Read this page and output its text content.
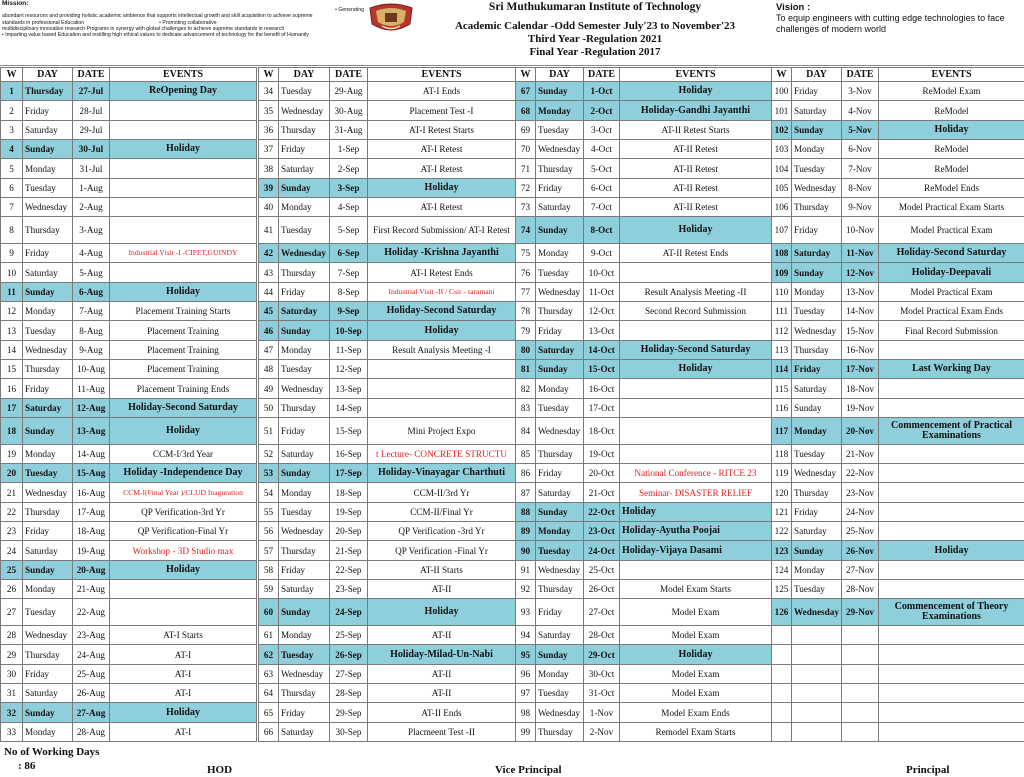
Mission:
• Generating
abundant resources and providing holistic academic ambience that supports intellectual growth and skill acquisition to achieve supreme
standards in professional Education                                                    • Promoting collaborative
multidisciplinary innovative research Programs in synergy with global challenges to achieve supreme standards in research
• Imparting value based Education and instilling high ethical values to dedicate advancement of technology for the benefit of Humanity
Sri Muthukumaran Institute of Technology
Academic Calendar -Odd Semester July'23 to November'23
Third Year -Regulation 2021
Final Year -Regulation 2017
Vision :
To equip engineers with cutting edge technologies to face challenges of modern world
W	DAY	DATE	EVENTS
1	Thursday	27-Jul	ReOpening Day
2	Friday	28-Jul	
3	Saturday	29-Jul	
4	Sunday	30-Jul	Holiday
5	Monday	31-Jul	
6	Tuesday	1-Aug	
7	Wednesday	2-Aug	
8	Thursday	3-Aug	
9	Friday	4-Aug	Industrial Visit -I -CIPET,GUINDY
10	Saturday	5-Aug	
11	Sunday	6-Aug	Holiday
12	Monday	7-Aug	Placement Training Starts
13	Tuesday	8-Aug	Placement Training
14	Wednesday	9-Aug	Placement Training
15	Thursday	10-Aug	Placement Training
16	Friday	11-Aug	Placement Training Ends
17	Saturday	12-Aug	Holiday-Second Saturday
18	Sunday	13-Aug	Holiday
19	Monday	14-Aug	CCM-I/3rd Year
20	Tuesday	15-Aug	Holiday -Independence Day
21	Wednesday	16-Aug	CCM-I(Final Year )/CLUD Inaguration
22	Thursday	17-Aug	QP Verification-3rd Yr
23	Friday	18-Aug	QP Verification-Final Yr
24	Saturday	19-Aug	Workshop - 3D Studio max
25	Sunday	20-Aug	Holiday
26	Monday	21-Aug	
27	Tuesday	22-Aug	
28	Wednesday	23-Aug	AT-I Starts
29	Thursday	24-Aug	AT-I
30	Friday	25-Aug	AT-I
31	Saturday	26-Aug	AT-I
32	Sunday	27-Aug	Holiday
33	Monday	28-Aug	AT-I
W	DAY	DATE	EVENTS
34	Tuesday	29-Aug	AT-I Ends
35	Wednesday	30-Aug	Placement Test -I
36	Thursday	31-Aug	AT-I Retest Starts
37	Friday	1-Sep	AT-I Retest
38	Saturday	2-Sep	AT-I Retest
39	Sunday	3-Sep	Holiday
40	Monday	4-Sep	AT-I Retest
41	Tuesday	5-Sep	First Record Submission/ AT-I Retest
42	Wednesday	6-Sep	Holiday -Krishna Jayanthi
43	Thursday	7-Sep	AT-I Retest Ends
44	Friday	8-Sep	Industrial Visit -II / Csir - taramani
45	Saturday	9-Sep	Holiday-Second Saturday
46	Sunday	10-Sep	Holiday
47	Monday	11-Sep	Result Analysis Meeting -I
48	Tuesday	12-Sep	
49	Wednesday	13-Sep	
50	Thursday	14-Sep	
51	Friday	15-Sep	Mini Project Expo
52	Saturday	16-Sep	t Lecture- CONCRETE STRUCTU
53	Sunday	17-Sep	Holiday-Vinayagar Charthuti
54	Monday	18-Sep	CCM-II/3rd Yr
55	Tuesday	19-Sep	CCM-II/Final Yr
56	Wednesday	20-Sep	QP Verification -3rd Yr
57	Thursday	21-Sep	QP Verification -Final Yr
58	Friday	22-Sep	AT-II Starts
59	Saturday	23-Sep	AT-II
60	Sunday	24-Sep	Holiday
61	Monday	25-Sep	AT-II
62	Tuesday	26-Sep	Holiday-Milad-Un-Nabi
63	Wednesday	27-Sep	AT-II
64	Thursday	28-Sep	AT-II
65	Friday	29-Sep	AT-II Ends
66	Saturday	30-Sep	Placmeent Test -II
W	DAY	DATE	EVENTS
67	Sunday	1-Oct	Holiday
68	Monday	2-Oct	Holiday-Gandhi Jayanthi
69	Tuesday	3-Oct	AT-II Retest Starts
70	Wednesday	4-Oct	AT-II Retest
71	Thursday	5-Oct	AT-II Retest
72	Friday	6-Oct	AT-II Retest
73	Saturday	7-Oct	AT-II Retest
74	Sunday	8-Oct	Holiday
75	Monday	9-Oct	AT-II Retest Ends
76	Tuesday	10-Oct	
77	Wednesday	11-Oct	Result Analysis Meeting -II
78	Thursday	12-Oct	Second Record Submission
79	Friday	13-Oct	
80	Saturday	14-Oct	Holiday-Second Saturday
81	Sunday	15-Oct	Holiday
82	Monday	16-Oct	
83	Tuesday	17-Oct	
84	Wednesday	18-Oct	
85	Thursday	19-Oct	
86	Friday	20-Oct	National Conference - RITCE 23
87	Saturday	21-Oct	Seminar- DISASTER RELIEF
88	Sunday	22-Oct	Holiday
89	Monday	23-Oct	Holiday-Ayutha Poojai
90	Tuesday	24-Oct	Holiday-Vijaya Dasami
91	Wednesday	25-Oct	
92	Thursday	26-Oct	Model Exam Starts
93	Friday	27-Oct	Model Exam
94	Saturday	28-Oct	Model Exam
95	Sunday	29-Oct	Holiday
96	Monday	30-Oct	Model Exam
97	Tuesday	31-Oct	Model Exam
98	Wednesday	1-Nov	Model Exam Ends
99	Thursday	2-Nov	Remodel Exam Starts
W	DAY	DATE	EVENTS
100	Friday	3-Nov	ReModel Exam
101	Saturday	4-Nov	ReModel
102	Sunday	5-Nov	Holiday
103	Monday	6-Nov	ReModel
104	Tuesday	7-Nov	ReModel
105	Wednesday	8-Nov	ReModel Ends
106	Thursday	9-Nov	Model Practical Exam Starts
107	Friday	10-Nov	Model Practical Exam
108	Saturday	11-Nov	Holiday-Second Saturday
109	Sunday	12-Nov	Holiday-Deepavali
110	Monday	13-Nov	Model Practical Exam
111	Tuesday	14-Nov	Model Practical Exam Ends
112	Wednesday	15-Nov	Final Record Submission
113	Thursday	16-Nov	
114	Friday	17-Nov	Last Working Day
115	Saturday	18-Nov	
116	Sunday	19-Nov	
117	Monday	20-Nov	Commencement of Practical Examinations
118	Tuesday	21-Nov	
119	Wednesday	22-Nov	
120	Thursday	23-Nov	
121	Friday	24-Nov	
122	Saturday	25-Nov	
123	Sunday	26-Nov	Holiday
124	Monday	27-Nov	
125	Tuesday	28-Nov	
126	Wednesday	29-Nov	Commencement of Theory Examinations

No of Working Days
: 86	HOD	Vice Principal	Principal
